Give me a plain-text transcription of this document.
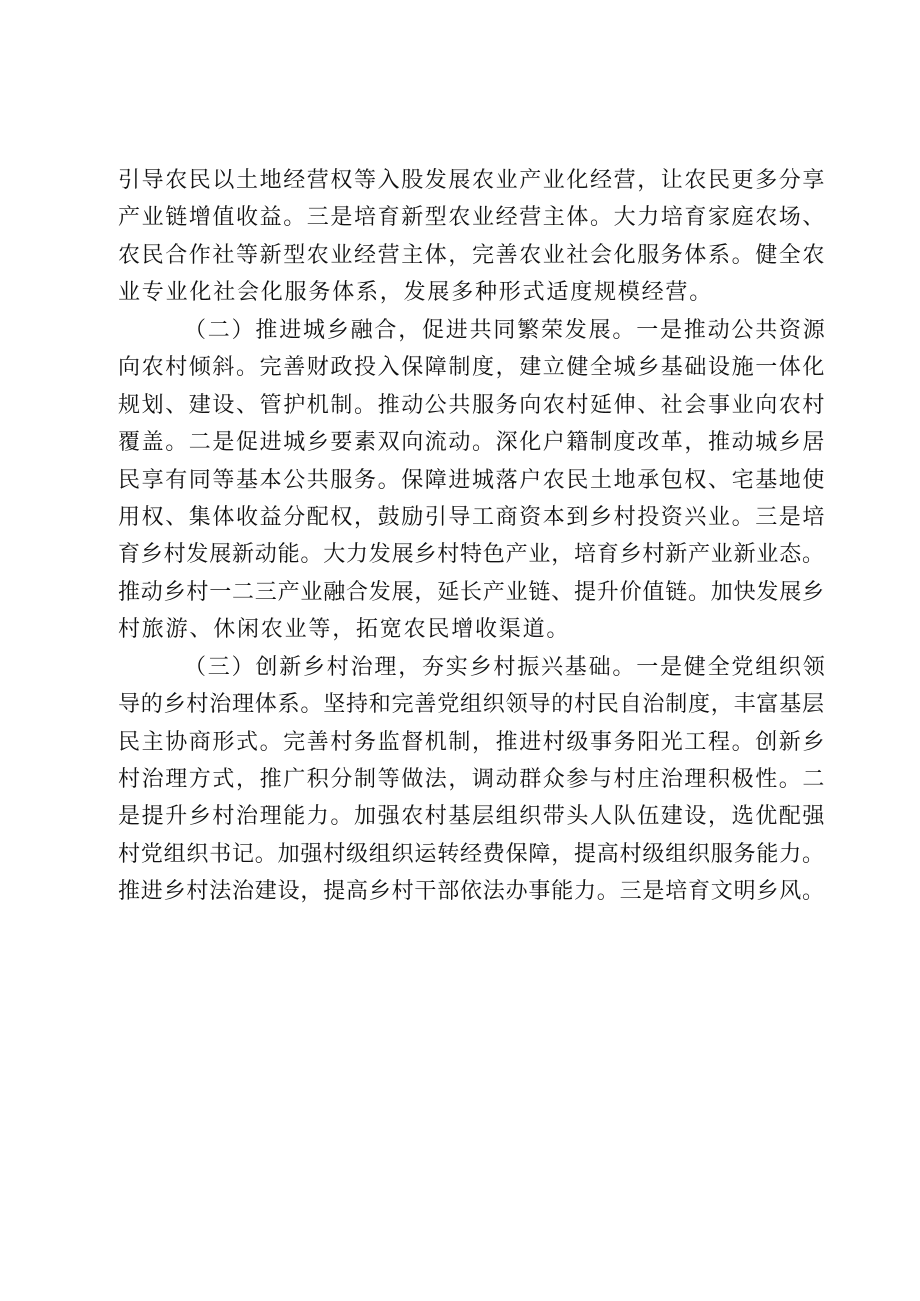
引导农民以土地经营权等入股发展农业产业化经营，让农民更多分享
产业链增值收益。三是培育新型农业经营主体。大力培育家庭农场、
农民合作社等新型农业经营主体，完善农业社会化服务体系。健全农
业专业化社会化服务体系，发展多种形式适度规模经营。
（二）推进城乡融合，促进共同繁荣发展。一是推动公共资源
向农村倾斜。完善财政投入保障制度，建立健全城乡基础设施一体化
规划、建设、管护机制。推动公共服务向农村延伸、社会事业向农村
覆盖。二是促进城乡要素双向流动。深化户籍制度改革，推动城乡居
民享有同等基本公共服务。保障进城落户农民土地承包权、宅基地使
用权、集体收益分配权，鼓励引导工商资本到乡村投资兴业。三是培
育乡村发展新动能。大力发展乡村特色产业，培育乡村新产业新业态。
推动乡村一二三产业融合发展，延长产业链、提升价值链。加快发展乡
村旅游、休闲农业等，拓宽农民增收渠道。
（三）创新乡村治理，夯实乡村振兴基础。一是健全党组织领
导的乡村治理体系。坚持和完善党组织领导的村民自治制度，丰富基层
民主协商形式。完善村务监督机制，推进村级事务阳光工程。创新乡
村治理方式，推广积分制等做法，调动群众参与村庄治理积极性。二
是提升乡村治理能力。加强农村基层组织带头人队伍建设，选优配强
村党组织书记。加强村级组织运转经费保障，提高村级组织服务能力。
推进乡村法治建设，提高乡村干部依法办事能力。三是培育文明乡风。
